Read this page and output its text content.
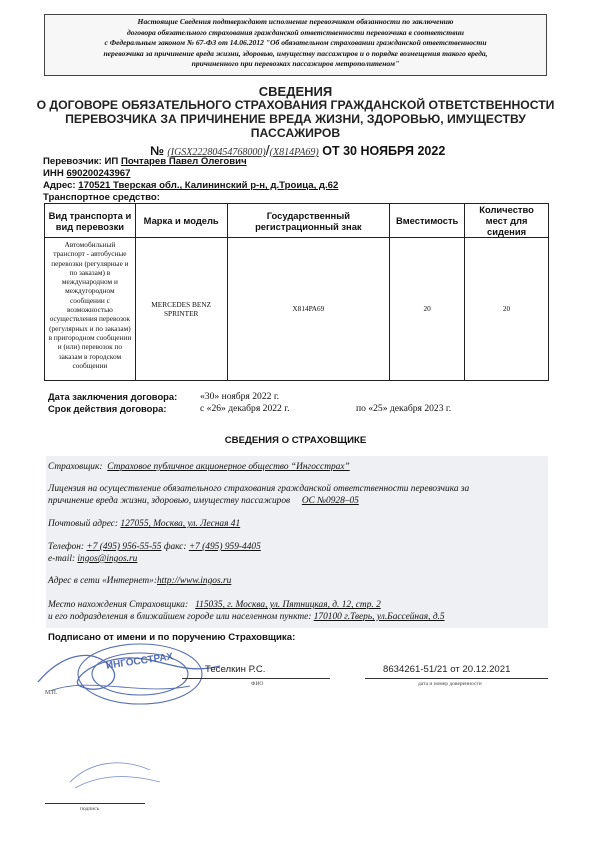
Настоящие Сведения подтверждают исполнение перевозчиком обязанности по заключению
договора обязательного страхования гражданской ответственности перевозчика в соответствии
с Федеральным законом № 67-ФЗ от 14.06.2012 "Об обязательном страховании гражданской ответственности
перевозчика за причинение вреда жизни, здоровью, имуществу пассажиров и о порядке возмещения такого вреда,
причиненного при перевозках пассажиров метрополитеном"
СВЕДЕНИЯ
О ДОГОВОРЕ ОБЯЗАТЕЛЬНОГО СТРАХОВАНИЯ ГРАЖДАНСКОЙ ОТВЕТСТВЕННОСТИ
ПЕРЕВОЗЧИКА ЗА ПРИЧИНЕНИЕ ВРЕДА ЖИЗНИ, ЗДОРОВЬЮ, ИМУЩЕСТВУ
ПАССАЖИРОВ
№ (IGSX22280454768000)/(Х814РА69) ОТ 30 НОЯБРЯ 2022
Перевозчик: ИП Почтарев Павел Олегович
ИНН 690200243967
Адрес: 170521 Тверская обл., Калининский р-н, д.Троица, д.62
Транспортное средство:
Вид транспорта и вид перевозки	Марка и модель	Государственный регистрационный знак	Вместимость	Количество мест для сидения
Автомобильный транспорт - автобусные перевозки (регулярные и по заказам) в международном и междугородном сообщении с возможностью осуществления перевозок (регулярных и по заказам) в пригородном сообщении и (или) перевозок по заказам в городском сообщении	MERCEDES BENZ SPRINTER	Х814РА69	20	20
Дата заключения договора: «30» ноября 2022 г.
Срок действия договора:	с «26» декабря 2022 г.	по «25» декабря 2023 г.
СВЕДЕНИЯ О СТРАХОВЩИКЕ
Страховщик: Страховое публичное акционерное общество “Ингосстрах”
Лицензия на осуществление обязательного страхования гражданской ответственности перевозчика за
причинение вреда жизни, здоровью, имуществу пассажиров ОС №0928–05
Почтовый адрес: 127055, Москва, ул. Лесная 41
Телефон: +7 (495) 956-55-55 факс: +7 (495) 959-4405
e-mail: ingos@ingos.ru
Адрес в сети «Интернет»:http://www.ingos.ru
Место нахождения Страховщика: 115035, г. Москва, ул. Пятницкая, д. 12, стр. 2
и его подразделения в ближайшем городе или населенном пункте: 170100 г.Тверь, ул.Бассейная, д.5
Подписано от имени и по поручению Страховщика:
ИНГОССТРАХ	Теселкин Р.С.
ФИО
8634261-51/21 от 20.12.2021
дата и номер доверенности
М.П.
подпись
